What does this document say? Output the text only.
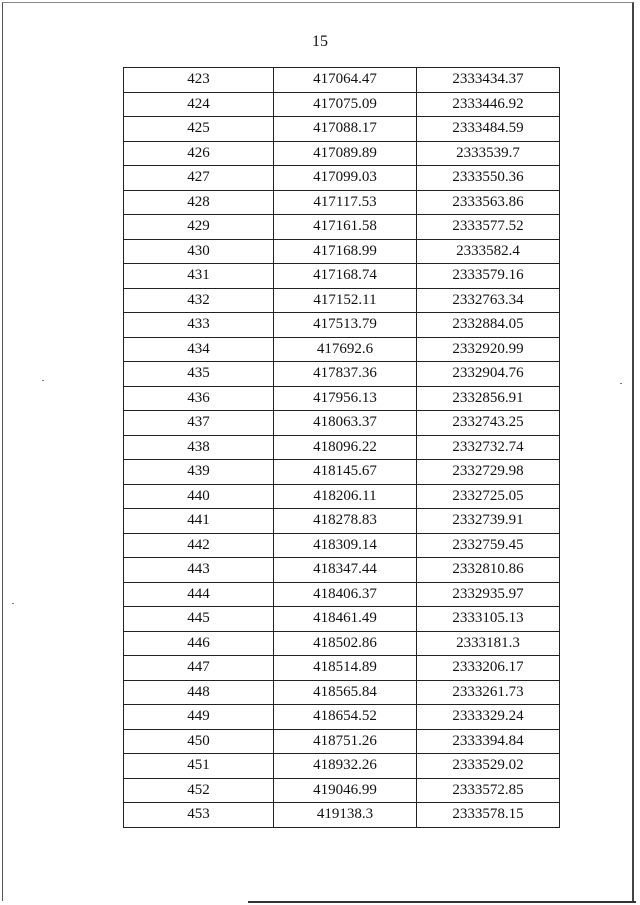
15
423	417064.47	2333434.37
424	417075.09	2333446.92
425	417088.17	2333484.59
426	417089.89	2333539.7
427	417099.03	2333550.36
428	417117.53	2333563.86
429	417161.58	2333577.52
430	417168.99	2333582.4
431	417168.74	2333579.16
432	417152.11	2332763.34
433	417513.79	2332884.05
434	417692.6	2332920.99
435	417837.36	2332904.76
436	417956.13	2332856.91
437	418063.37	2332743.25
438	418096.22	2332732.74
439	418145.67	2332729.98
440	418206.11	2332725.05
441	418278.83	2332739.91
442	418309.14	2332759.45
443	418347.44	2332810.86
444	418406.37	2332935.97
445	418461.49	2333105.13
446	418502.86	2333181.3
447	418514.89	2333206.17
448	418565.84	2333261.73
449	418654.52	2333329.24
450	418751.26	2333394.84
451	418932.26	2333529.02
452	419046.99	2333572.85
453	419138.3	2333578.15
